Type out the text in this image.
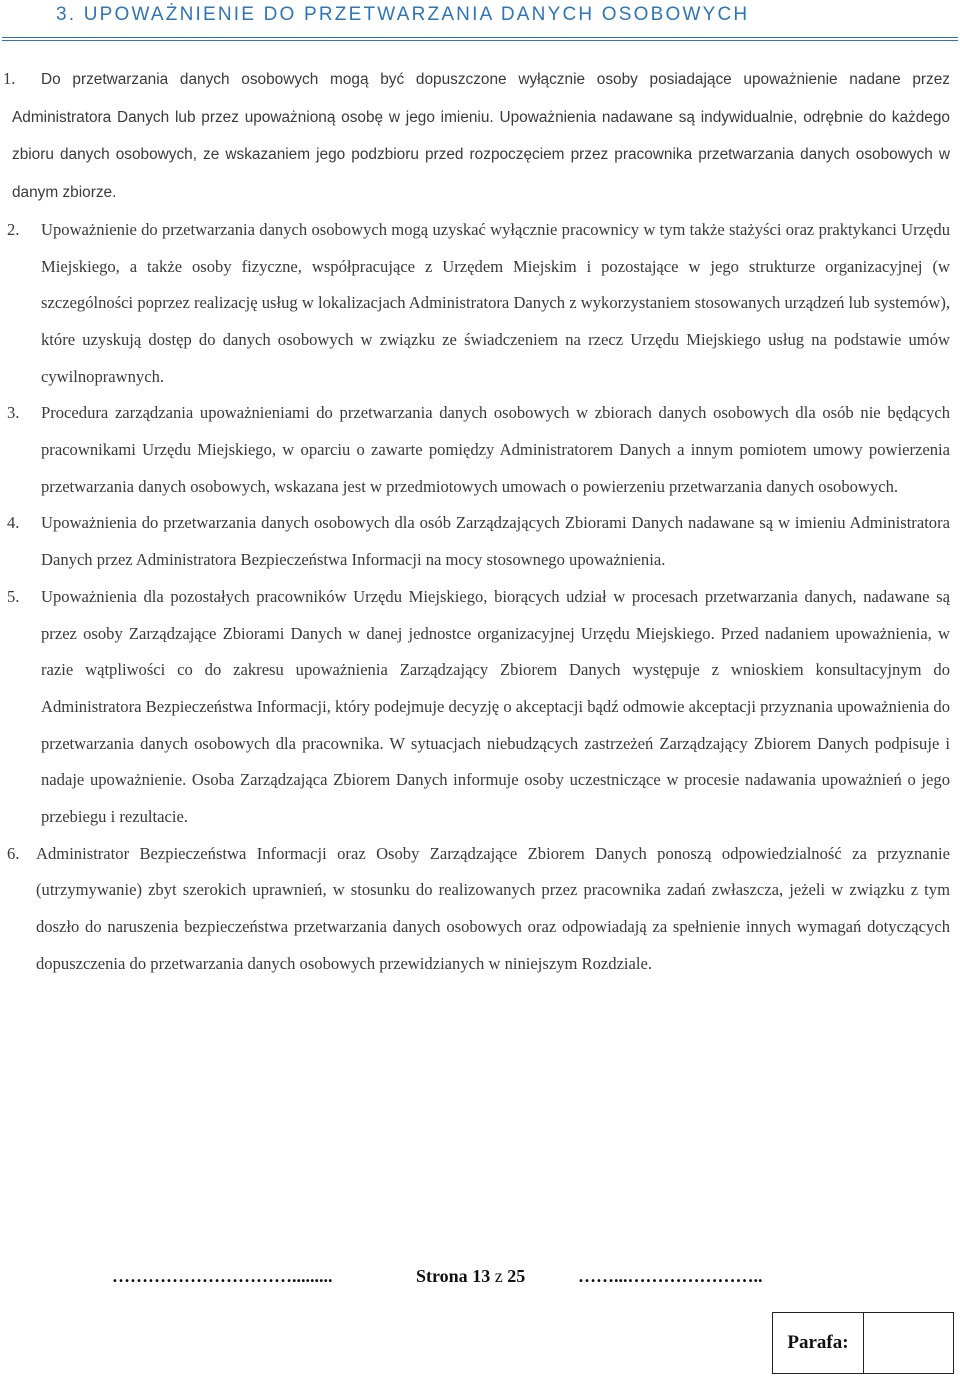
3. UPOWAŻNIENIE DO PRZETWARZANIA DANYCH OSOBOWYCH

1. Do przetwarzania danych osobowych mogą być dopuszczone wyłącznie osoby posiadające upoważnienie nadane przez Administratora Danych lub przez upoważnioną osobę w jego imieniu. Upoważnienia nadawane są indywidualnie, odrębnie do każdego zbioru danych osobowych, ze wskazaniem jego podzbioru przed rozpoczęciem przez pracownika przetwarzania danych osobowych w danym zbiorze.

2. Upoważnienie do przetwarzania danych osobowych mogą uzyskać wyłącznie pracownicy w tym także stażyści oraz praktykanci Urzędu Miejskiego, a także osoby fizyczne, współpracujące z Urzędem Miejskim i pozostające w jego strukturze organizacyjnej (w szczególności poprzez realizację usług w lokalizacjach Administratora Danych z wykorzystaniem stosowanych urządzeń lub systemów), które uzyskują dostęp do danych osobowych w związku ze świadczeniem na rzecz Urzędu Miejskiego usług na podstawie umów cywilnoprawnych.

3. Procedura zarządzania upoważnieniami do przetwarzania danych osobowych w zbiorach danych osobowych dla osób nie będących pracownikami Urzędu Miejskiego, w oparciu o zawarte pomiędzy Administratorem Danych a innym pomiotem umowy powierzenia przetwarzania danych osobowych, wskazana jest w przedmiotowych umowach o powierzeniu przetwarzania danych osobowych.

4. Upoważnienia do przetwarzania danych osobowych dla osób Zarządzających Zbiorami Danych nadawane są w imieniu Administratora Danych przez Administratora Bezpieczeństwa Informacji na mocy stosownego upoważnienia.

5. Upoważnienia dla pozostałych pracowników Urzędu Miejskiego, biorących udział w procesach przetwarzania danych, nadawane są przez osoby Zarządzające Zbiorami Danych w danej jednostce organizacyjnej Urzędu Miejskiego. Przed nadaniem upoważnienia, w razie wątpliwości co do zakresu upoważnienia Zarządzający Zbiorem Danych występuje z wnioskiem konsultacyjnym do Administratora Bezpieczeństwa Informacji, który podejmuje decyzję o akceptacji bądź odmowie akceptacji przyznania upoważnienia do przetwarzania danych osobowych dla pracownika. W sytuacjach niebudzących zastrzeżeń Zarządzający Zbiorem Danych podpisuje i nadaje upoważnienie. Osoba Zarządzająca Zbiorem Danych informuje osoby uczestniczące w procesie nadawania upoważnień o jego przebiegu i rezultacie.

6. Administrator Bezpieczeństwa Informacji oraz Osoby Zarządzające Zbiorem Danych ponoszą odpowiedzialność za przyznanie (utrzymywanie) zbyt szerokich uprawnień, w stosunku do realizowanych przez pracownika zadań zwłaszcza, jeżeli w związku z tym doszło do naruszenia bezpieczeństwa przetwarzania danych osobowych oraz odpowiadają za spełnienie innych wymagań dotyczących dopuszczenia do przetwarzania danych osobowych przewidzianych w niniejszym Rozdziale.

………………………….........	Strona 13 z 25	……...…………………..
Parafa:
